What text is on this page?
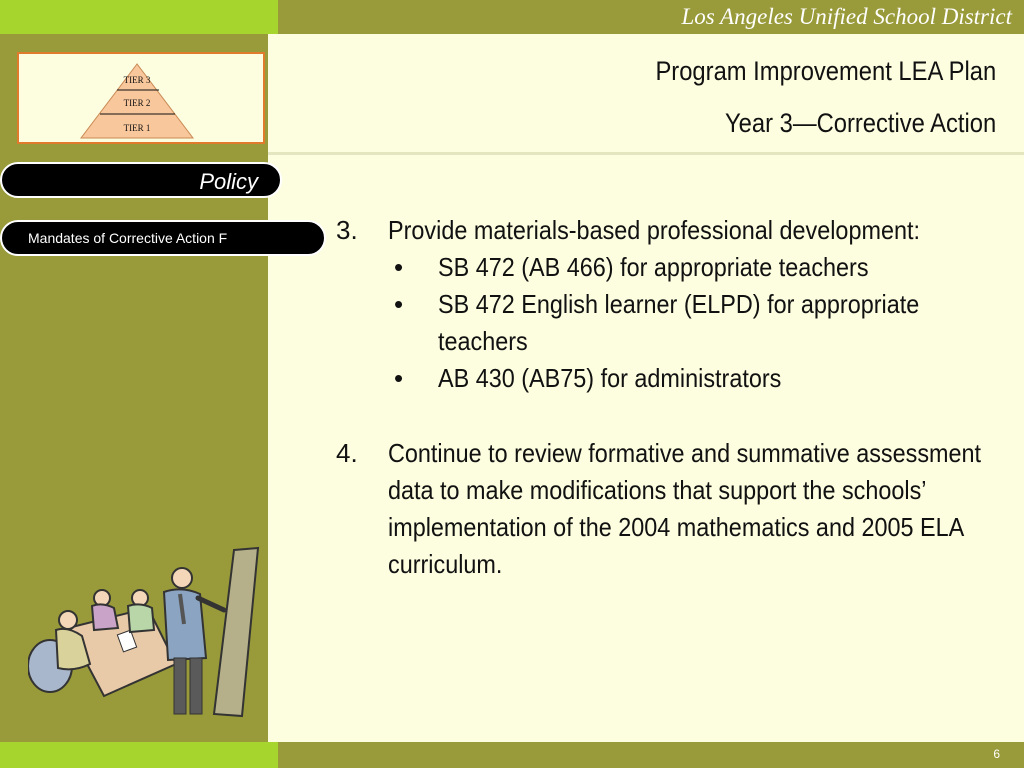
Los Angeles Unified School District
TIER 3
TIER 2
TIER 1
Program Improvement LEA Plan
Year 3—Corrective Action
Policy
Mandates of Corrective Action F	3. Provide materials-based professional development:
• SB 472 (AB 466) for appropriate teachers
• SB 472 English learner (ELPD) for appropriate teachers
• AB 430 (AB75) for administrators
4. Continue to review formative and summative assessment data to make modifications that support the schools’ implementation of the 2004 mathematics and 2005 ELA curriculum.
6
